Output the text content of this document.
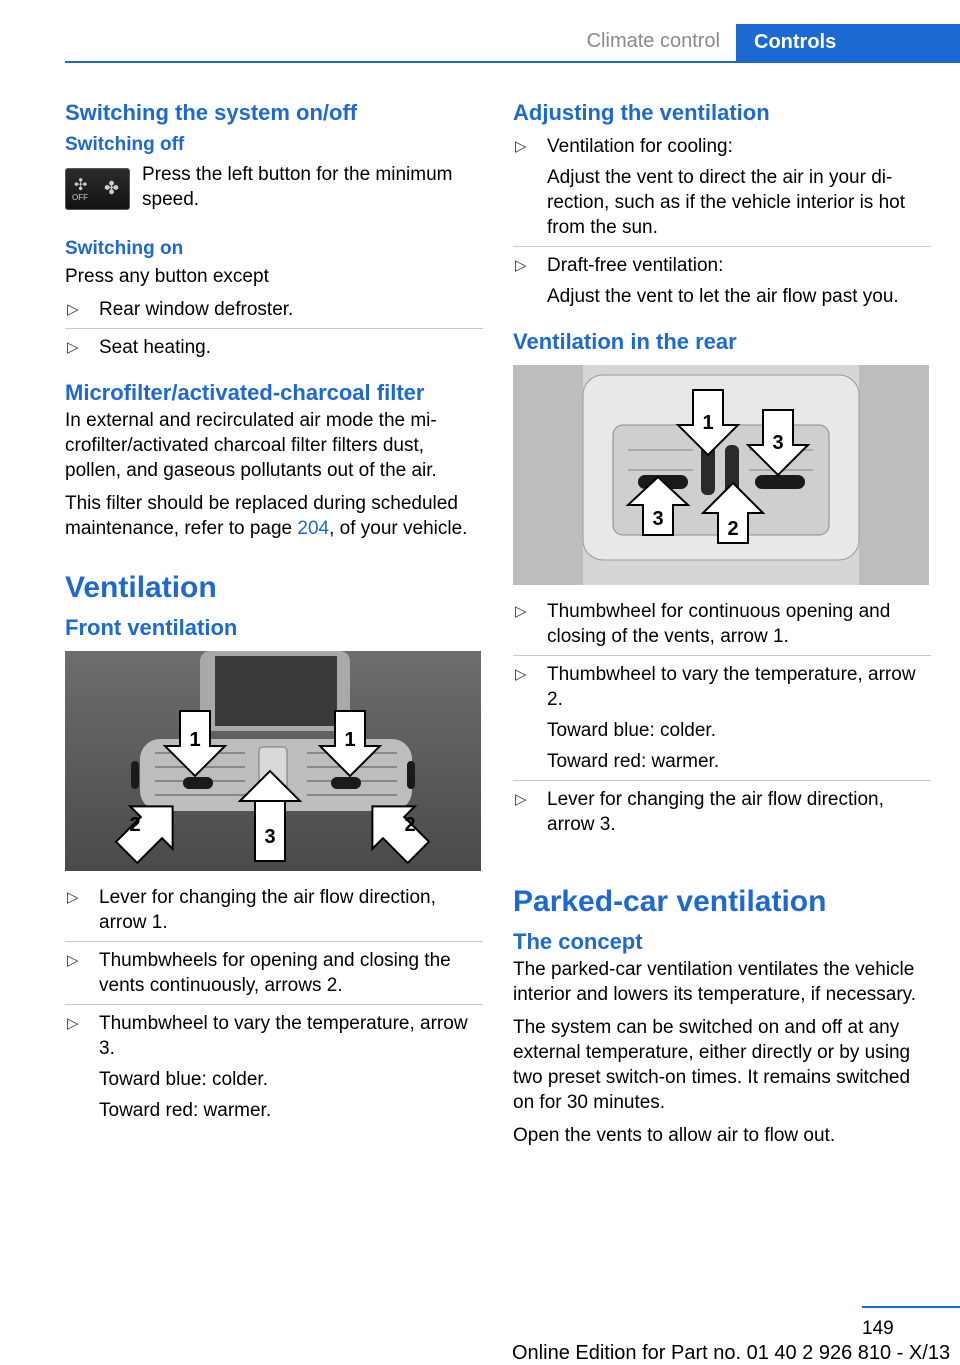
Climate control	Controls
Switching the system on/off
Switching off
✣
OFF ✤

Press the left button for the minimum speed.

Switching on

Press any button except

▷ Rear window defroster.
▷ Seat heating.
Microfilter/activated-charcoal filter

In external and recirculated air mode the microfilter/activated charcoal filter filters dust, pollen, and gaseous pollutants out of the air.

This filter should be replaced during scheduled maintenance, refer to page 204, of your vehicle.

Ventilation
Front ventilation
1	1
2
3
2
▷ Lever for changing the air flow direction, arrow 1.
▷ Thumbwheels for opening and closing the vents continuously, arrows 2.
▷ Thumbwheel to vary the temperature, arrow 3.
Toward blue: colder.
Toward red: warmer.
Adjusting the ventilation
▷ Ventilation for cooling:
Adjust the vent to direct the air in your direction, such as if the vehicle interior is hot from the sun.
▷ Draft-free ventilation:
Adjust the vent to let the air flow past you.
Ventilation in the rear
1
3
3	2
▷ Thumbwheel for continuous opening and closing of the vents, arrow 1.
▷ Thumbwheel to vary the temperature, arrow 2.
Toward blue: colder.
Toward red: warmer.
▷ Lever for changing the air flow direction, arrow 3.
Parked-car ventilation
The concept

The parked-car ventilation ventilates the vehicle interior and lowers its temperature, if necessary.

The system can be switched on and off at any external temperature, either directly or by using two preset switch-on times. It remains switched on for 30 minutes.

Open the vents to allow air to flow out.

149
Online Edition for Part no. 01 40 2 926 810 - X/13
